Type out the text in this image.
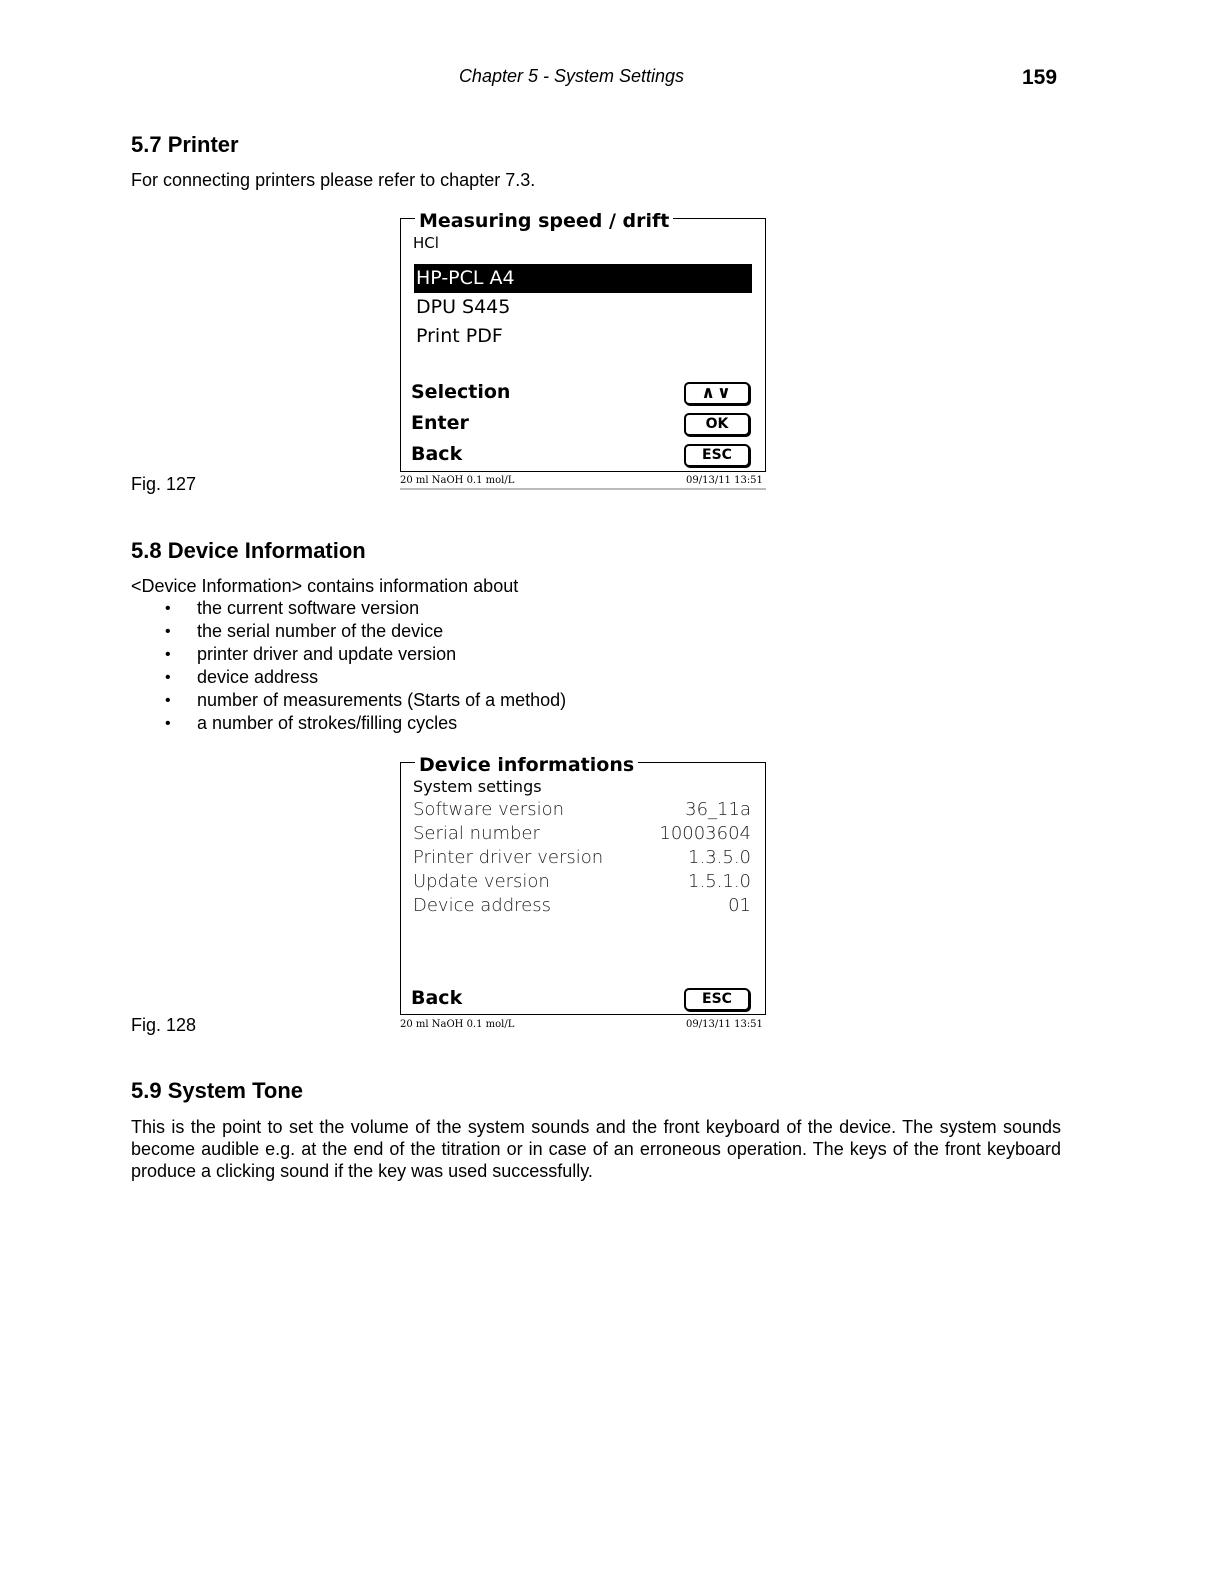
Chapter 5 - System Settings	159
5.7 Printer
For connecting printers please refer to chapter 7.3.
Measuring speed / drift
HCl
HP-PCL A4
DPU S445
Print PDF
Selection	∧∨
Enter	OK
Back	ESC
20 ml NaOH 0.1 mol/L	09/13/11 13:51
Fig. 127
5.8 Device Information
<Device Information> contains information about
• the current software version
• the serial number of the device
• printer driver and update version
• device address
• number of measurements (Starts of a method)
• a number of strokes/filling cycles
Device informations
System settings
Software version	36_11a
Serial number	10003604
Printer driver version	1.3.5.0
Update version	1.5.1.0
Device address	01
Back	ESC
20 ml NaOH 0.1 mol/L	09/13/11 13:51
Fig. 128
5.9 System Tone
This is the point to set the volume of the system sounds and the front keyboard of the device. The system sounds become audible e.g. at the end of the titration or in case of an erroneous operation. The keys of the front keyboard produce a clicking sound if the key was used successfully.
